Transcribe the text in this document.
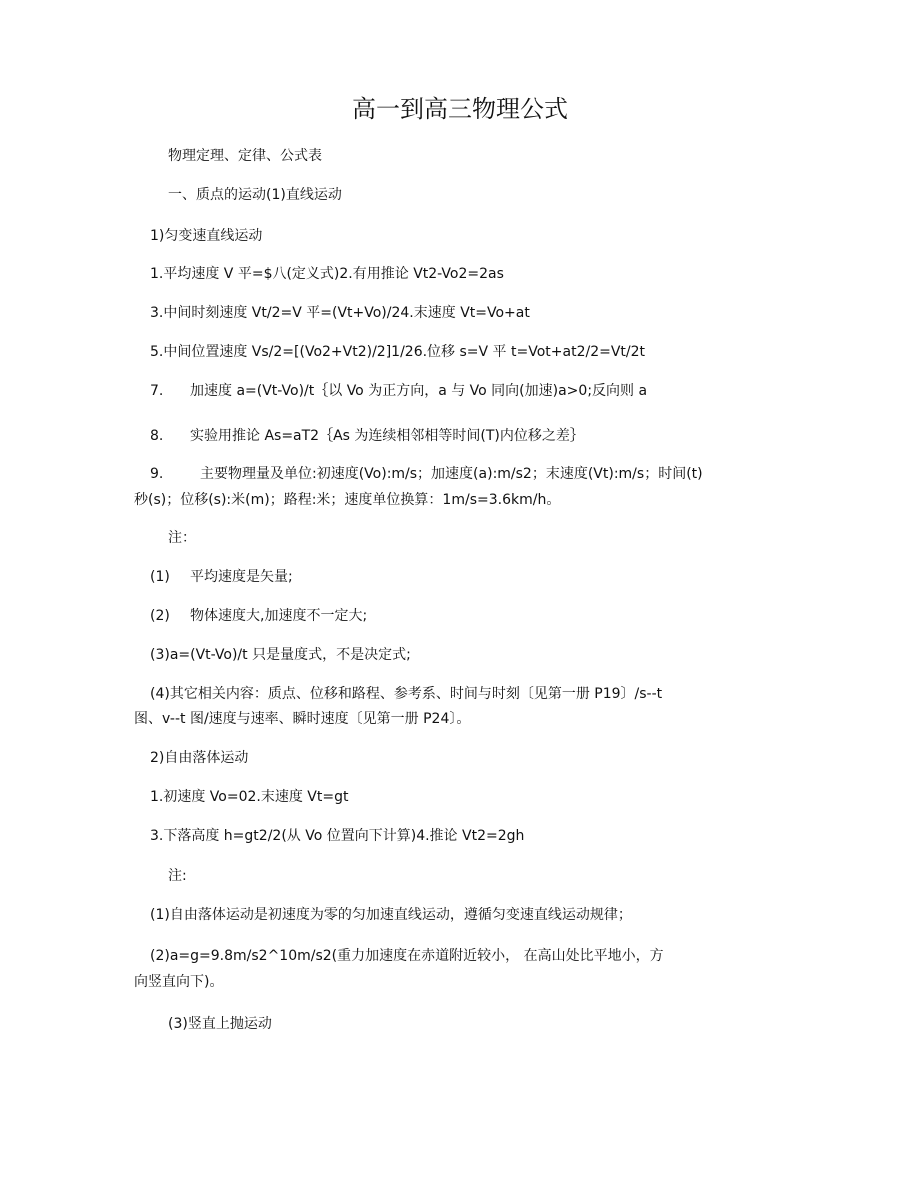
高一到高三物理公式
物理定理、定律、公式表
一、质点的运动(1)直线运动
1)匀变速直线运动
1.平均速度 V 平=$八(定义式)2.有用推论 Vt2-Vo2=2as
3.中间时刻速度 Vt/2=V 平=(Vt+Vo)/24.末速度 Vt=Vo+at
5.中间位置速度 Vs/2=[(Vo2+Vt2)/2]1/26.位移 s=V 平 t=Vot+at2/2=Vt/2t
7. 加速度 a=(Vt-Vo)/t｛以 Vo 为正方向，a 与 Vo 同向(加速)a>0;反向则 a
8. 实验用推论 As=aT2｛As 为连续相邻相等时间(T)内位移之差｝
9.	主要物理量及单位:初速度(Vo):m/s；加速度(a):m/s2；末速度(Vt):m/s；时间(t)
秒(s)；位移(s):米(m)；路程:米；速度单位换算：1m/s=3.6km/h。
注：
(1) 平均速度是矢量;
(2) 物体速度大,加速度不一定大;
(3)a=(Vt-Vo)/t 只是量度式，不是决定式;
(4)其它相关内容：质点、位移和路程、参考系、时间与时刻〔见第一册 P19〕/s--t
图、v--t 图/速度与速率、瞬时速度〔见第一册 P24〕。
2)自由落体运动
1.初速度 Vo=02.末速度 Vt=gt
3.下落高度 h=gt2/2(从 Vo 位置向下计算)4.推论 Vt2=2gh
注:
(1)自由落体运动是初速度为零的匀加速直线运动，遵循匀变速直线运动规律；
(2)a=g=9.8m/s2^10m/s2(重力加速度在赤道附近较小， 在高山处比平地小，方
向竖直向下)。
(3)竖直上抛运动
